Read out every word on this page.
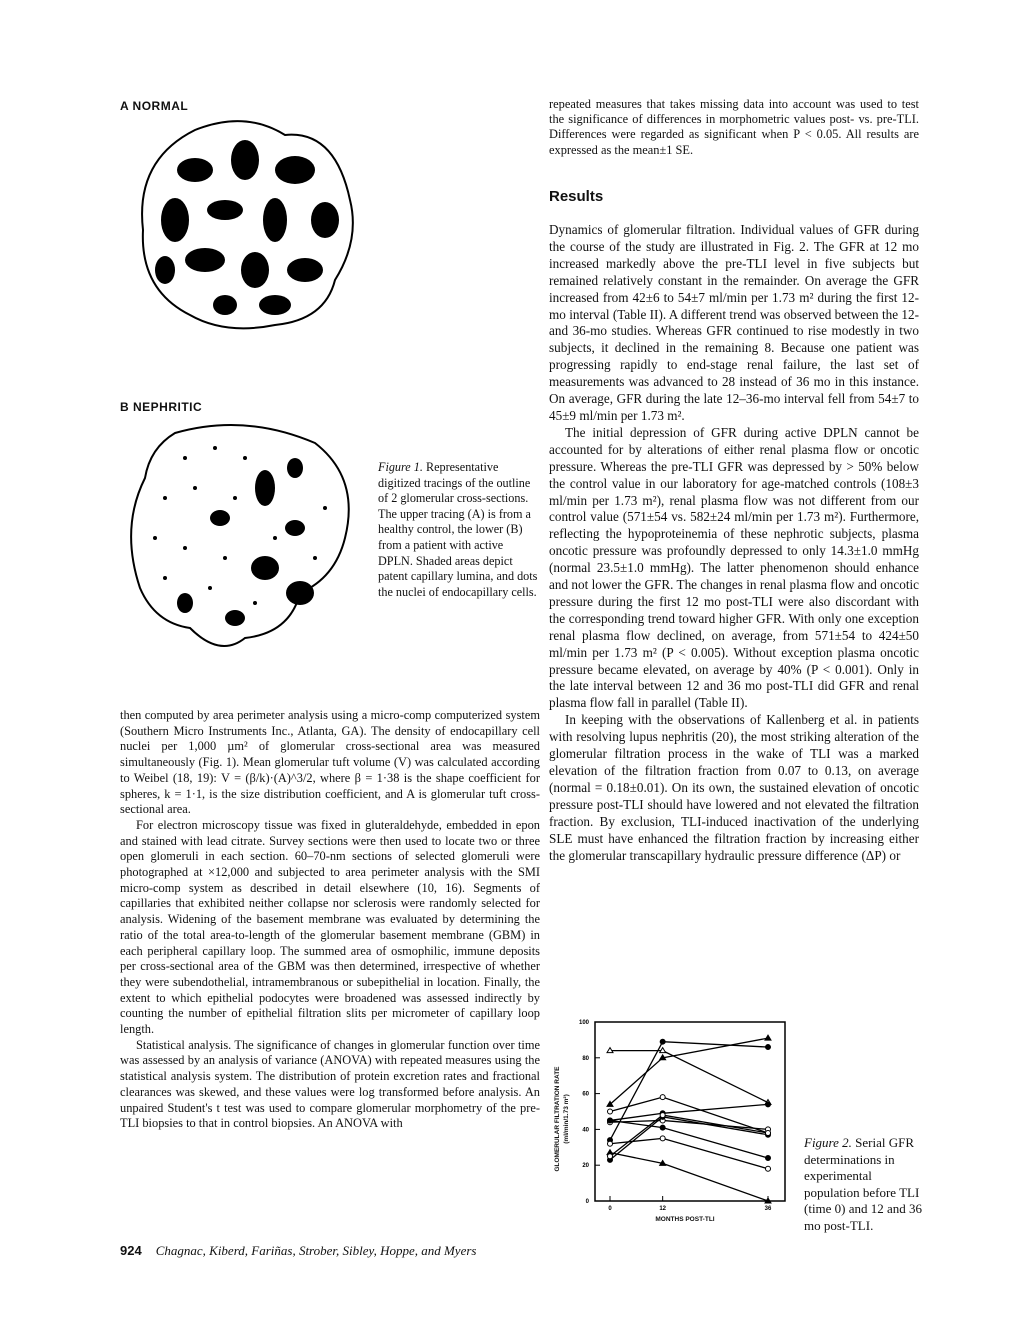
A NORMAL
B NEPHRITIC
Figure 1. Representative digitized tracings of the outline of 2 glomerular cross-sections. The upper tracing (A) is from a healthy control, the lower (B) from a patient with active DPLN. Shaded areas depict patent capillary lumina, and dots the nuclei of endocapillary cells.

then computed by area perimeter analysis using a micro-comp computerized system (Southern Micro Instruments Inc., Atlanta, GA). The density of endocapillary cell nuclei per 1,000 µm² of glomerular cross-sectional area was measured simultaneously (Fig. 1). Mean glomerular tuft volume (V) was calculated according to Weibel (18, 19): V = (β/k)·(A)^3/2, where β = 1·38 is the shape coefficient for spheres, k = 1·1, is the size distribution coefficient, and A is glomerular tuft cross-sectional area.

For electron microscopy tissue was fixed in gluteraldehyde, embedded in epon and stained with lead citrate. Survey sections were then used to locate two or three open glomeruli in each section. 60–70-nm sections of selected glomeruli were photographed at ×12,000 and subjected to area perimeter analysis with the SMI micro-comp system as described in detail elsewhere (10, 16). Segments of capillaries that exhibited neither collapse nor sclerosis were randomly selected for analysis. Widening of the basement membrane was evaluated by determining the ratio of the total area-to-length of the glomerular basement membrane (GBM) in each peripheral capillary loop. The summed area of osmophilic, immune deposits per cross-sectional area of the GBM was then determined, irrespective of whether they were subendothelial, intramembranous or subepithelial in location. Finally, the extent to which epithelial podocytes were broadened was assessed indirectly by counting the number of epithelial filtration slits per micrometer of capillary loop length.

Statistical analysis. The significance of changes in glomerular function over time was assessed by an analysis of variance (ANOVA) with repeated measures using the statistical analysis system. The distribution of protein excretion rates and fractional clearances was skewed, and these values were log transformed before analysis. An unpaired Student's t test was used to compare glomerular morphometry of the pre-TLI biopsies to that in control biopsies. An ANOVA with

repeated measures that takes missing data into account was used to test the significance of differences in morphometric values post- vs. pre-TLI. Differences were regarded as significant when P < 0.05. All results are expressed as the mean±1 SE.

Results

Dynamics of glomerular filtration. Individual values of GFR during the course of the study are illustrated in Fig. 2. The GFR at 12 mo increased markedly above the pre-TLI level in five subjects but remained relatively constant in the remainder. On average the GFR increased from 42±6 to 54±7 ml/min per 1.73 m² during the first 12-mo interval (Table II). A different trend was observed between the 12- and 36-mo studies. Whereas GFR continued to rise modestly in two subjects, it declined in the remaining 8. Because one patient was progressing rapidly to end-stage renal failure, the last set of measurements was advanced to 28 instead of 36 mo in this instance. On average, GFR during the late 12–36-mo interval fell from 54±7 to 45±9 ml/min per 1.73 m².

The initial depression of GFR during active DPLN cannot be accounted for by alterations of either renal plasma flow or oncotic pressure. Whereas the pre-TLI GFR was depressed by > 50% below the control value in our laboratory for age-matched controls (108±3 ml/min per 1.73 m²), renal plasma flow was not different from our control value (571±54 vs. 582±24 ml/min per 1.73 m²). Furthermore, reflecting the hypoproteinemia of these nephrotic subjects, plasma oncotic pressure was profoundly depressed to only 14.3±1.0 mmHg (normal 23.5±1.0 mmHg). The latter phenomenon should enhance and not lower the GFR. The changes in renal plasma flow and oncotic pressure during the first 12 mo post-TLI were also discordant with the corresponding trend toward higher GFR. With only one exception renal plasma flow declined, on average, from 571±54 to 424±50 ml/min per 1.73 m² (P < 0.005). Without exception plasma oncotic pressure became elevated, on average by 40% (P < 0.001). Only in the late interval between 12 and 36 mo post-TLI did GFR and renal plasma flow fall in parallel (Table II).

In keeping with the observations of Kallenberg et al. in patients with resolving lupus nephritis (20), the most striking alteration of the glomerular filtration process in the wake of TLI was a marked elevation of the filtration fraction from 0.07 to 0.13, on average (normal = 0.18±0.01). On its own, the sustained elevation of oncotic pressure post-TLI should have lowered and not elevated the filtration fraction. By exclusion, TLI-induced inactivation of the underlying SLE must have enhanced the filtration fraction by increasing either the glomerular transcapillary hydraulic pressure difference (ΔP) or

0
20
40
60
80
100
0	12	36
GLOMERULAR FILTRATION RATE (ml/min/1.73 m²)
MONTHS POST-TLI
Figure 2. Serial GFR determinations in experimental population before TLI (time 0) and 12 and 36 mo post-TLI.
924 Chagnac, Kiberd, Fariñas, Strober, Sibley, Hoppe, and Myers
